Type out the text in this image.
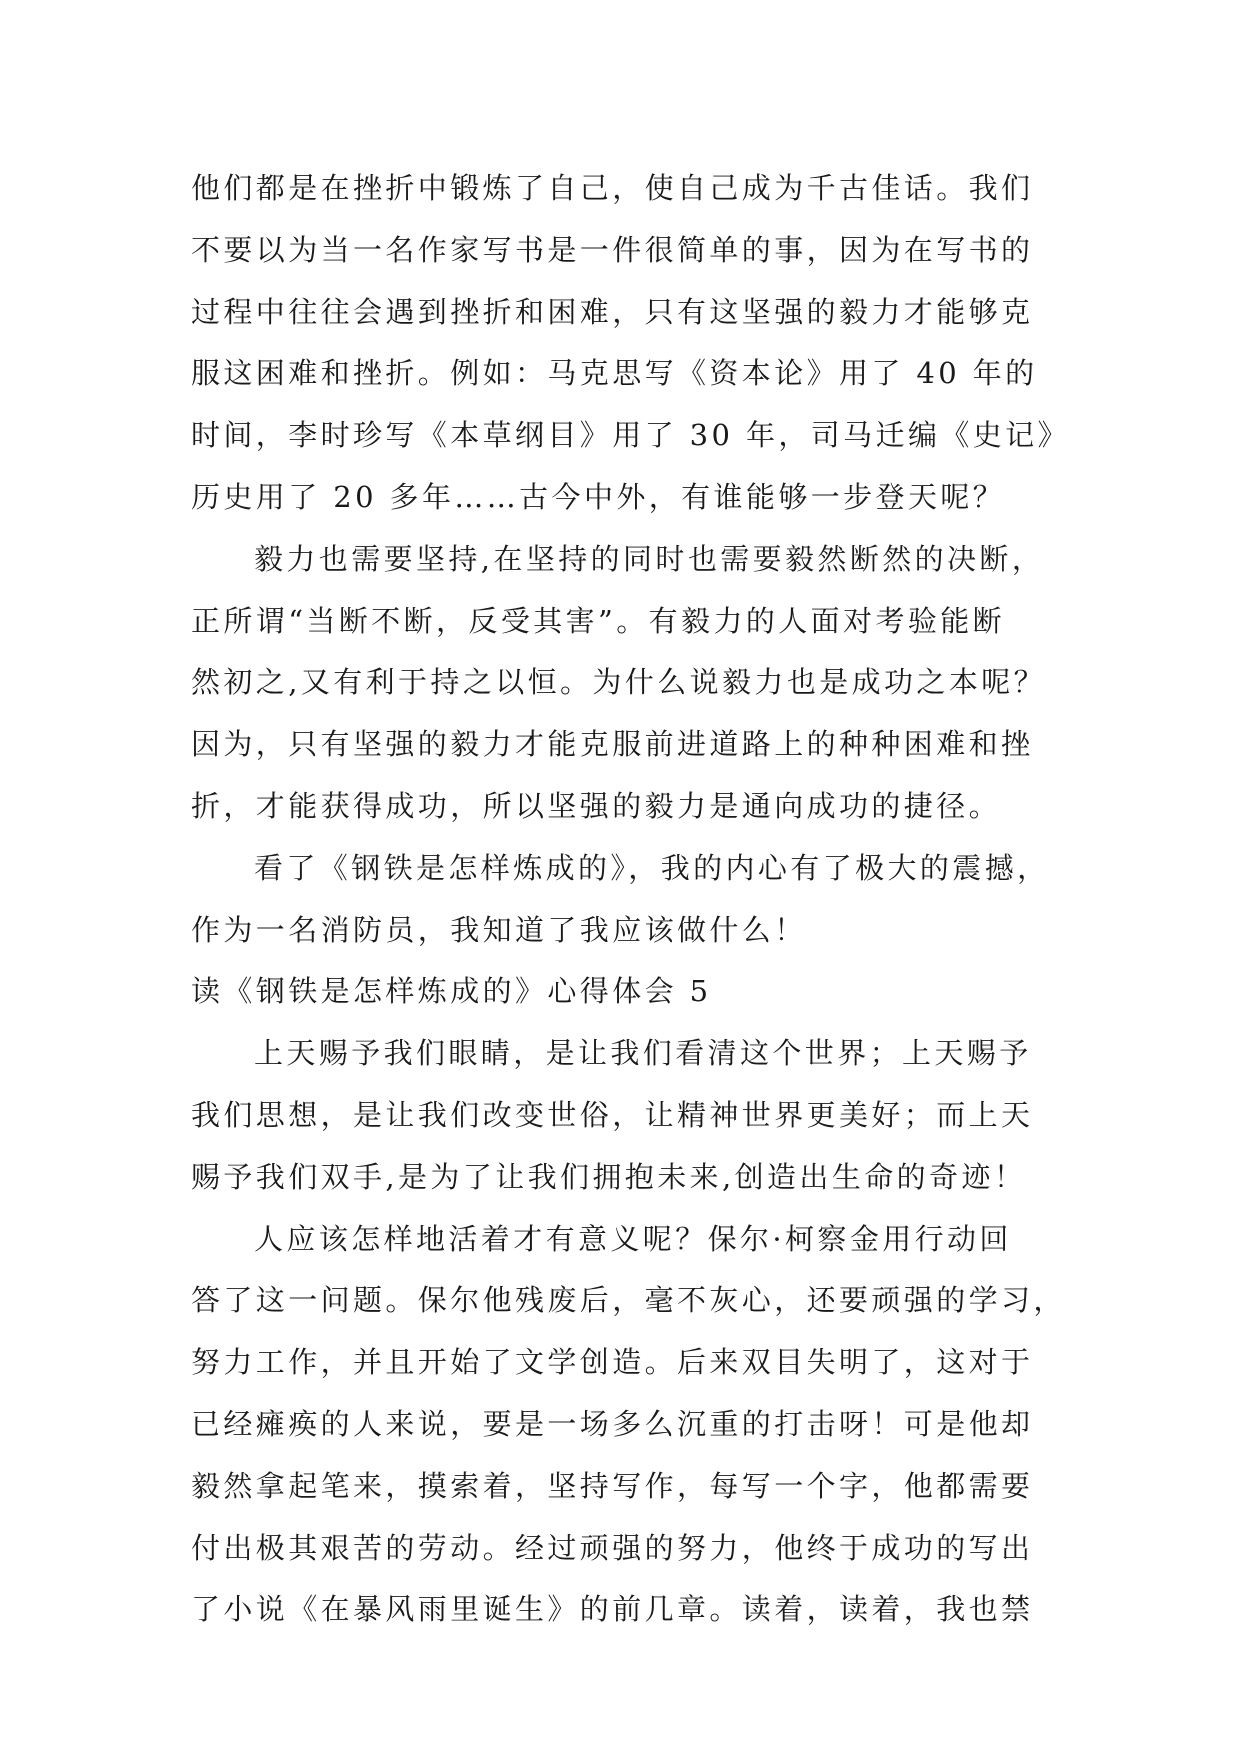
他们都是在挫折中锻炼了自己，使自己成为千古佳话。我们
不要以为当一名作家写书是一件很简单的事，因为在写书的
过程中往往会遇到挫折和困难，只有这坚强的毅力才能够克
服这困难和挫折。例如：马克思写《资本论》用了 40 年的
时间，李时珍写《本草纲目》用了 30 年，司马迁编《史记》
历史用了 20 多年……古今中外，有谁能够一步登天呢？
毅力也需要坚持,在坚持的同时也需要毅然断然的决断，
正所谓“当断不断，反受其害”。有毅力的人面对考验能断
然初之,又有利于持之以恒。为什么说毅力也是成功之本呢？
因为，只有坚强的毅力才能克服前进道路上的种种困难和挫
折，才能获得成功，所以坚强的毅力是通向成功的捷径。
看了《钢铁是怎样炼成的》，我的内心有了极大的震撼，
作为一名消防员，我知道了我应该做什么！
读《钢铁是怎样炼成的》心得体会 5
上天赐予我们眼睛，是让我们看清这个世界；上天赐予
我们思想，是让我们改变世俗，让精神世界更美好；而上天
赐予我们双手,是为了让我们拥抱未来,创造出生命的奇迹！
人应该怎样地活着才有意义呢？保尔·柯察金用行动回
答了这一问题。保尔他残废后，毫不灰心，还要顽强的学习，
努力工作，并且开始了文学创造。后来双目失明了，这对于
已经瘫痪的人来说，要是一场多么沉重的打击呀！可是他却
毅然拿起笔来，摸索着，坚持写作，每写一个字，他都需要
付出极其艰苦的劳动。经过顽强的努力，他终于成功的写出
了小说《在暴风雨里诞生》的前几章。读着，读着，我也禁
